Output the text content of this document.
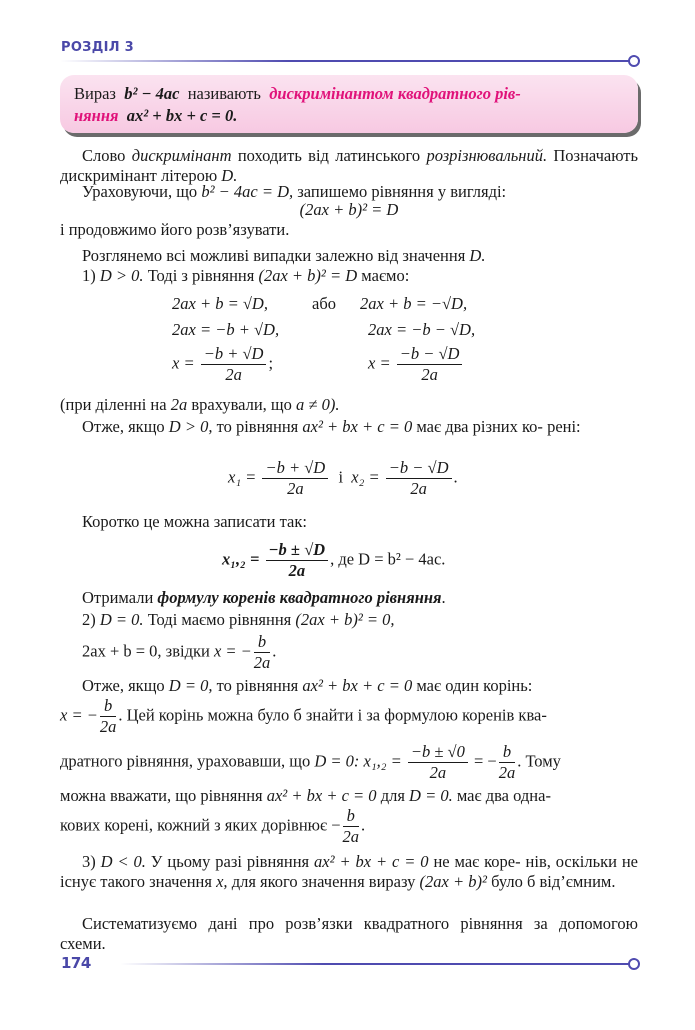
РОЗДІЛ 3
Вираз b² − 4ac називають дискримінантом квадратного рів-
няння ax² + bx + c = 0.
Слово дискримінант походить від латинського розрізнювальний. Позначають дискримінант літерою D.
Ураховуючи, що b² − 4ac = D, запишемо рівняння у вигляді:
(2ax + b)² = D
і продовжимо його розв’язувати.
Розглянемо всі можливі випадки залежно від значення D.
1) D > 0. Тоді з рівняння (2ax + b)² = D маємо:
2ax + b = √D,	або 2ax + b = −√D,
2ax = −b + √D,	2ax = −b − √D,
$x = \frac{-b + √D}{2a}$ ;	$x = \frac{-b - √D}{2a}$
(при діленні на 2a врахували, що a ≠ 0).
Отже, якщо D > 0, то рівняння ax² + bx + c = 0 має два різних ко- рені:
$x_1 = \frac{-b + √D}{2a}$ і $x_2 = \frac{-b - √D}{2a}$ .
Коротко це можна записати так:
$x_1,_2 = \frac{-b \pm √D}{2a}$ , де D = b² − 4ac.
Отримали формулу коренів квадратного рівняння.
2) D = 0. Тоді маємо рівняння (2ax + b)² = 0,
2ax + b = 0, звідки x = − $\frac{b}{2a}$ .
Отже, якщо D = 0, то рівняння ax² + bx + c = 0 має один корінь:
x = − $\frac{b}{2a}$ . Цей корінь можна було б знайти і за формулою коренів ква-
дратного рівняння, ураховавши, що D = 0: $x_1,_2 = \frac{-b \pm √0}{2a}$ = − $\frac{b}{2a}$ . Тому
можна вважати, що рівняння ax² + bx + c = 0 для D = 0. має два одна-
кових корені, кожний з яких дорівнює − $\frac{b}{2a}$ .
3) D < 0. У цьому разі рівняння ax² + bx + c = 0 не має коре- нів, оскільки не існує такого значення x, для якого значення виразу (2ax + b)² було б від’ємним.
Систематизуємо дані про розв’язки квадратного рівняння за допомогою схеми.
174
